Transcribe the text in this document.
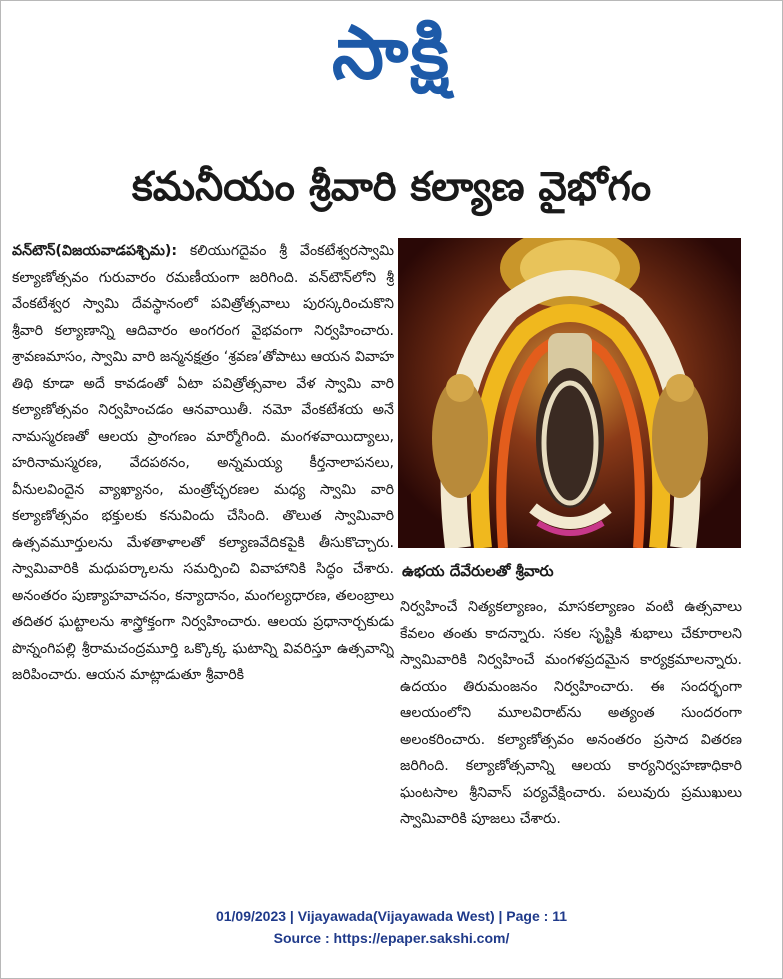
సాక్షి
కమనీయం శ్రీవారి కల్యాణ వైభోగం
వన్‌టౌన్‌(విజయవాడపశ్చిమ): కలియుగదైవం శ్రీ వేంకటేశ్వరస్వామి కల్యాణోత్సవం గురువారం రమణీయంగా జరిగింది. వన్‌టౌన్‌లోని శ్రీ వేంకటేశ్వర స్వామి దేవస్థానంలో పవిత్రోత్సవాలు పురస్కరించుకొని శ్రీవారి కల్యాణాన్ని ఆదివారం అంగరంగ వైభవంగా నిర్వహించారు. శ్రావణమాసం, స్వామి వారి జన్మనక్షత్రం ‘శ్రవణ’తోపాటు ఆయన వివాహ తిథి కూడా అదే కావడంతో ఏటా పవిత్రోత్సవాల వేళ స్వామి వారి కల్యాణోత్సవం నిర్వహించడం ఆనవాయితీ. నమో వేంకటేశయ అనే నామస్మరణతో ఆలయ ప్రాంగణం మార్మోగింది. మంగళవాయిద్యాలు, హరినామస్మరణ, వేదపఠనం, అన్నమయ్య కీర్తనాలాపనలు, వీనులవిందైన వ్యాఖ్యానం, మంత్రోచ్ఛరణల మధ్య స్వామి వారి కల్యాణోత్సవం భక్తులకు కనువిందు చేసింది. తొలుత స్వామివారి ఉత్సవమూర్తులను మేళతాళాలతో కల్యాణవేదికపైకి తీసుకొచ్చారు. స్వామివారికి మధుపర్కాలను సమర్పించి వివాహానికి సిద్ధం చేశారు. అనంతరం పుణ్యాహవాచనం, కన్యాదానం, మంగల్యధారణ, తలంబ్రాలు తదితర ఘట్టాలను శాస్త్రోక్తంగా నిర్వహించారు. ఆలయ ప్రధానార్చకుడు పొన్నంగిపల్లి శ్రీరామచంద్రమూర్తి ఒక్కొక్క ఘటాన్ని వివరిస్తూ ఉత్సవాన్ని జరిపించారు. ఆయన మాట్లాడుతూ శ్రీవారికి
ఉభయ దేవేరులతో శ్రీవారు
నిర్వహించే నిత్యకల్యాణం, మాసకల్యాణం వంటి ఉత్సవాలు కేవలం తంతు కాదన్నారు. సకల సృష్టికి శుభాలు చేకూరాలని స్వామివారికి నిర్వహించే మంగళప్రదమైన కార్యక్రమాలన్నారు. ఉదయం తిరుమంజనం నిర్వహించారు. ఈ సందర్భంగా ఆలయంలోని మూలవిరాట్‌ను అత్యంత సుందరంగా అలంకరించారు. కల్యాణోత్సవం అనంతరం ప్రసాద వితరణ జరిగింది. కల్యాణోత్సవాన్ని ఆలయ కార్యనిర్వహణాధికారి ఘంటసాల శ్రీనివాస్‌ పర్యవేక్షించారు. పలువురు ప్రముఖులు స్వామివారికి పూజలు చేశారు.
01/09/2023 | Vijayawada(Vijayawada West) | Page : 11
Source : https://epaper.sakshi.com/
